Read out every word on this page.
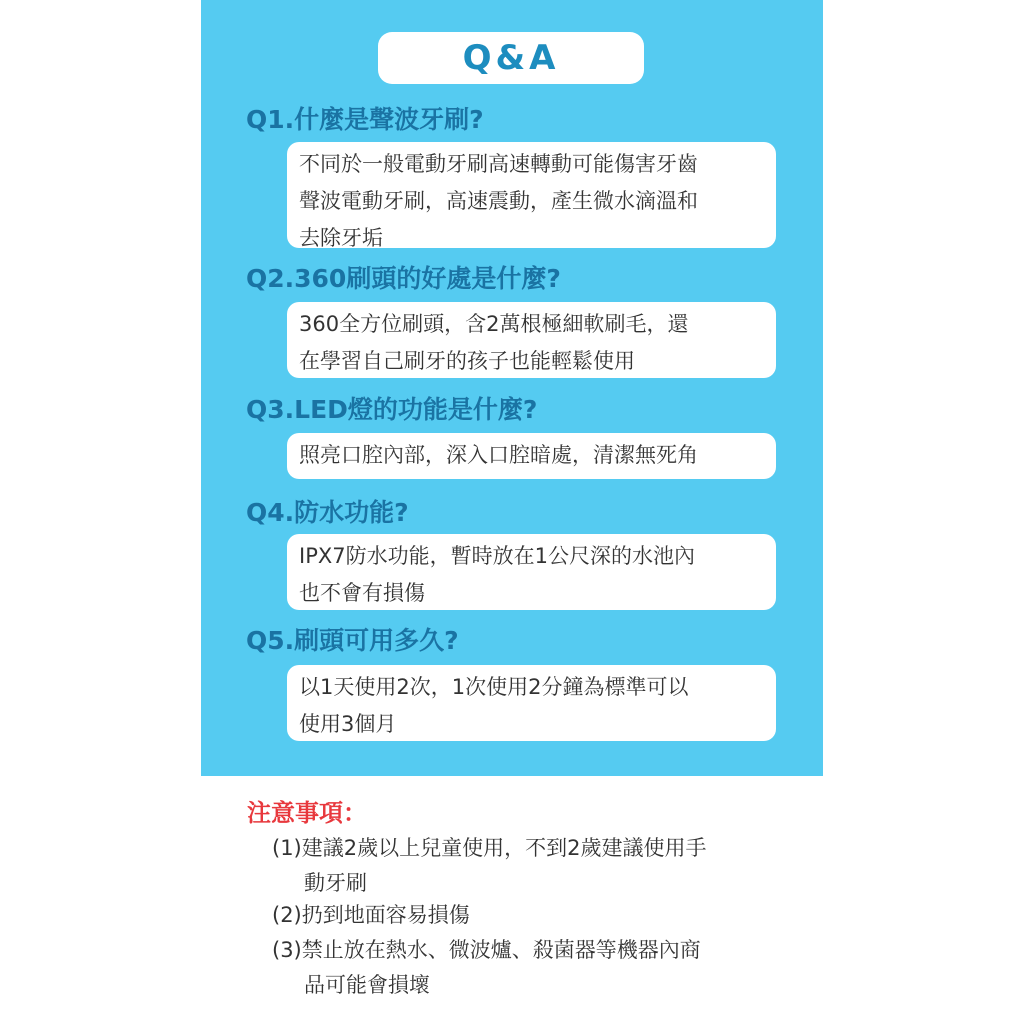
Q&A
Q1.什麼是聲波牙刷?
不同於一般電動牙刷高速轉動可能傷害牙齒
聲波電動牙刷，高速震動，產生微水滴溫和
去除牙垢
Q2.360刷頭的好處是什麼?
360全方位刷頭，含2萬根極細軟刷毛，還
在學習自己刷牙的孩子也能輕鬆使用
Q3.LED燈的功能是什麼?
照亮口腔內部，深入口腔暗處，清潔無死角
Q4.防水功能?
IPX7防水功能，暫時放在1公尺深的水池內
也不會有損傷
Q5.刷頭可用多久?
以1天使用2次，1次使用2分鐘為標準可以
使用3個月
注意事項：
(1)建議2歲以上兒童使用，不到2歲建議使用手
動牙刷
(2)扔到地面容易損傷
(3)禁止放在熱水、微波爐、殺菌器等機器內商
品可能會損壞
